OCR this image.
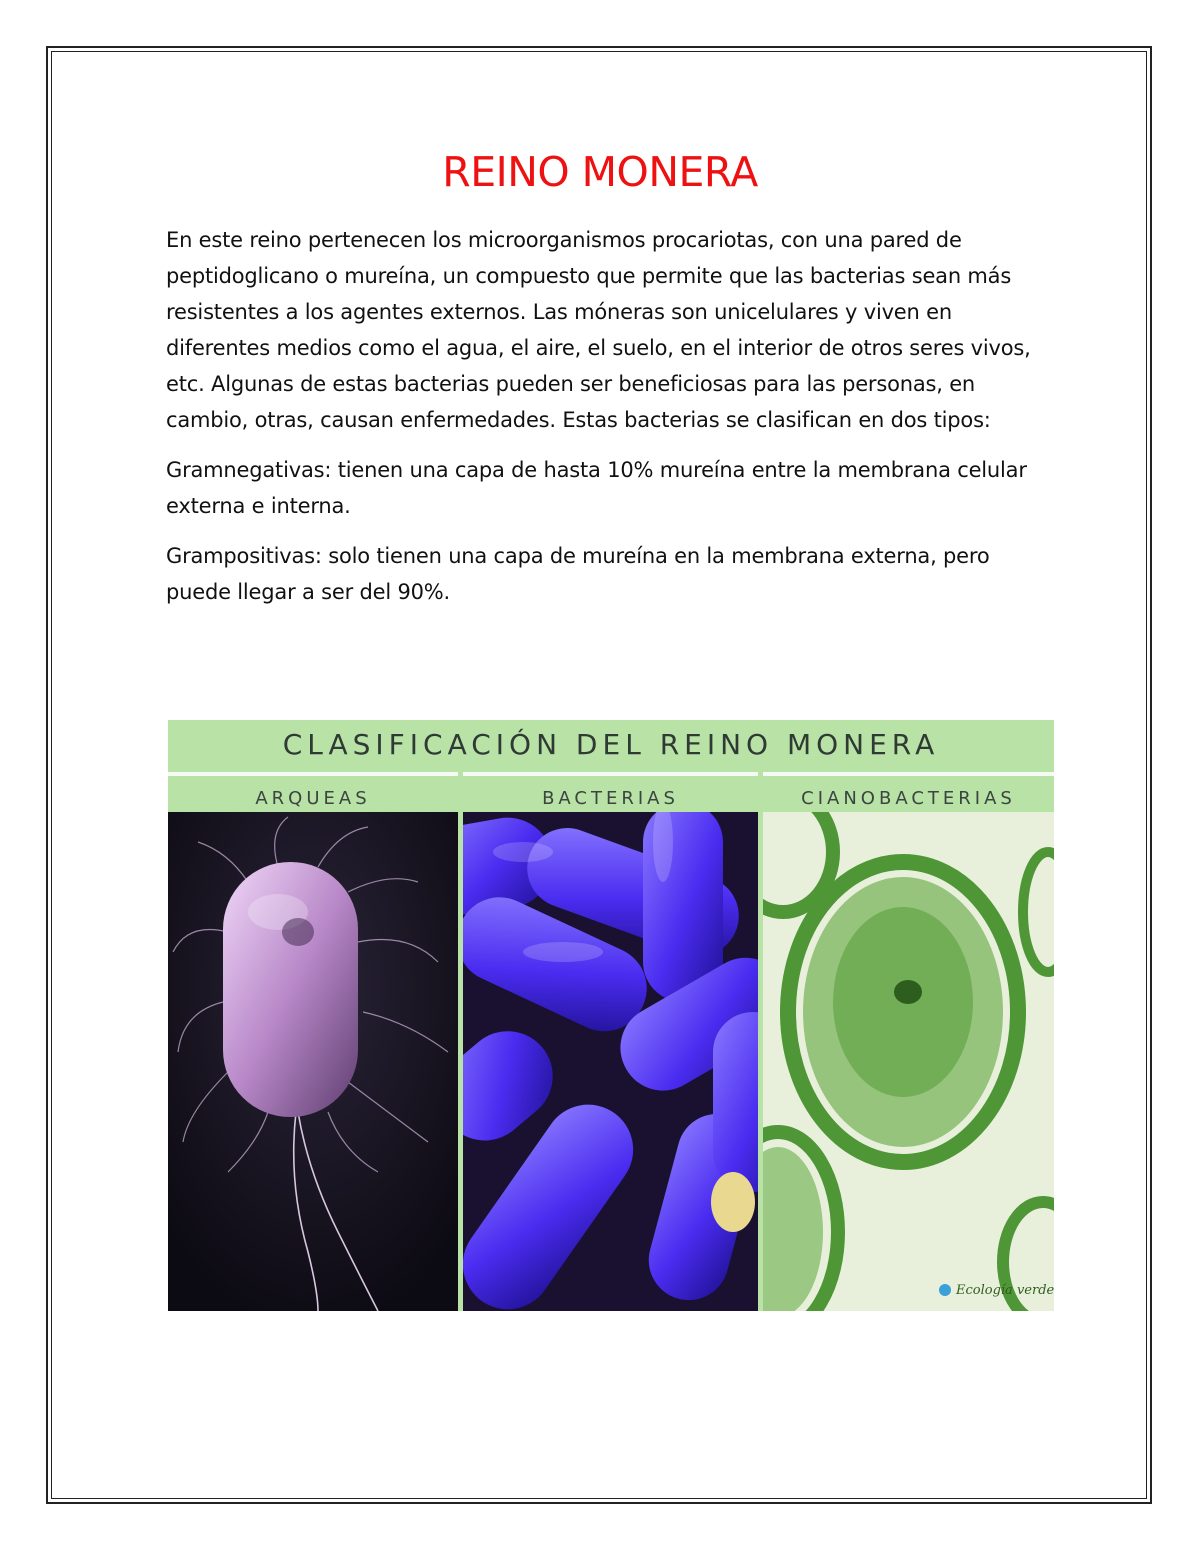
REINO MONERA

En este reino pertenecen los microorganismos procariotas, con una pared de peptidoglicano o mureína, un compuesto que permite que las bacterias sean más resistentes a los agentes externos. Las móneras son unicelulares y viven en diferentes medios como el agua, el aire, el suelo, en el interior de otros seres vivos, etc. Algunas de estas bacterias pueden ser beneficiosas para las personas, en cambio, otras, causan enfermedades. Estas bacterias se clasifican en dos tipos:

Gramnegativas: tienen una capa de hasta 10% mureína entre la membrana celular externa e interna.

Grampositivas: solo tienen una capa de mureína en la membrana externa, pero puede llegar a ser del 90%.

CLASIFICACIÓN DEL REINO MONERA
ARQUEAS	BACTERIAS	CIANOBACTERIAS
Ecología verde
